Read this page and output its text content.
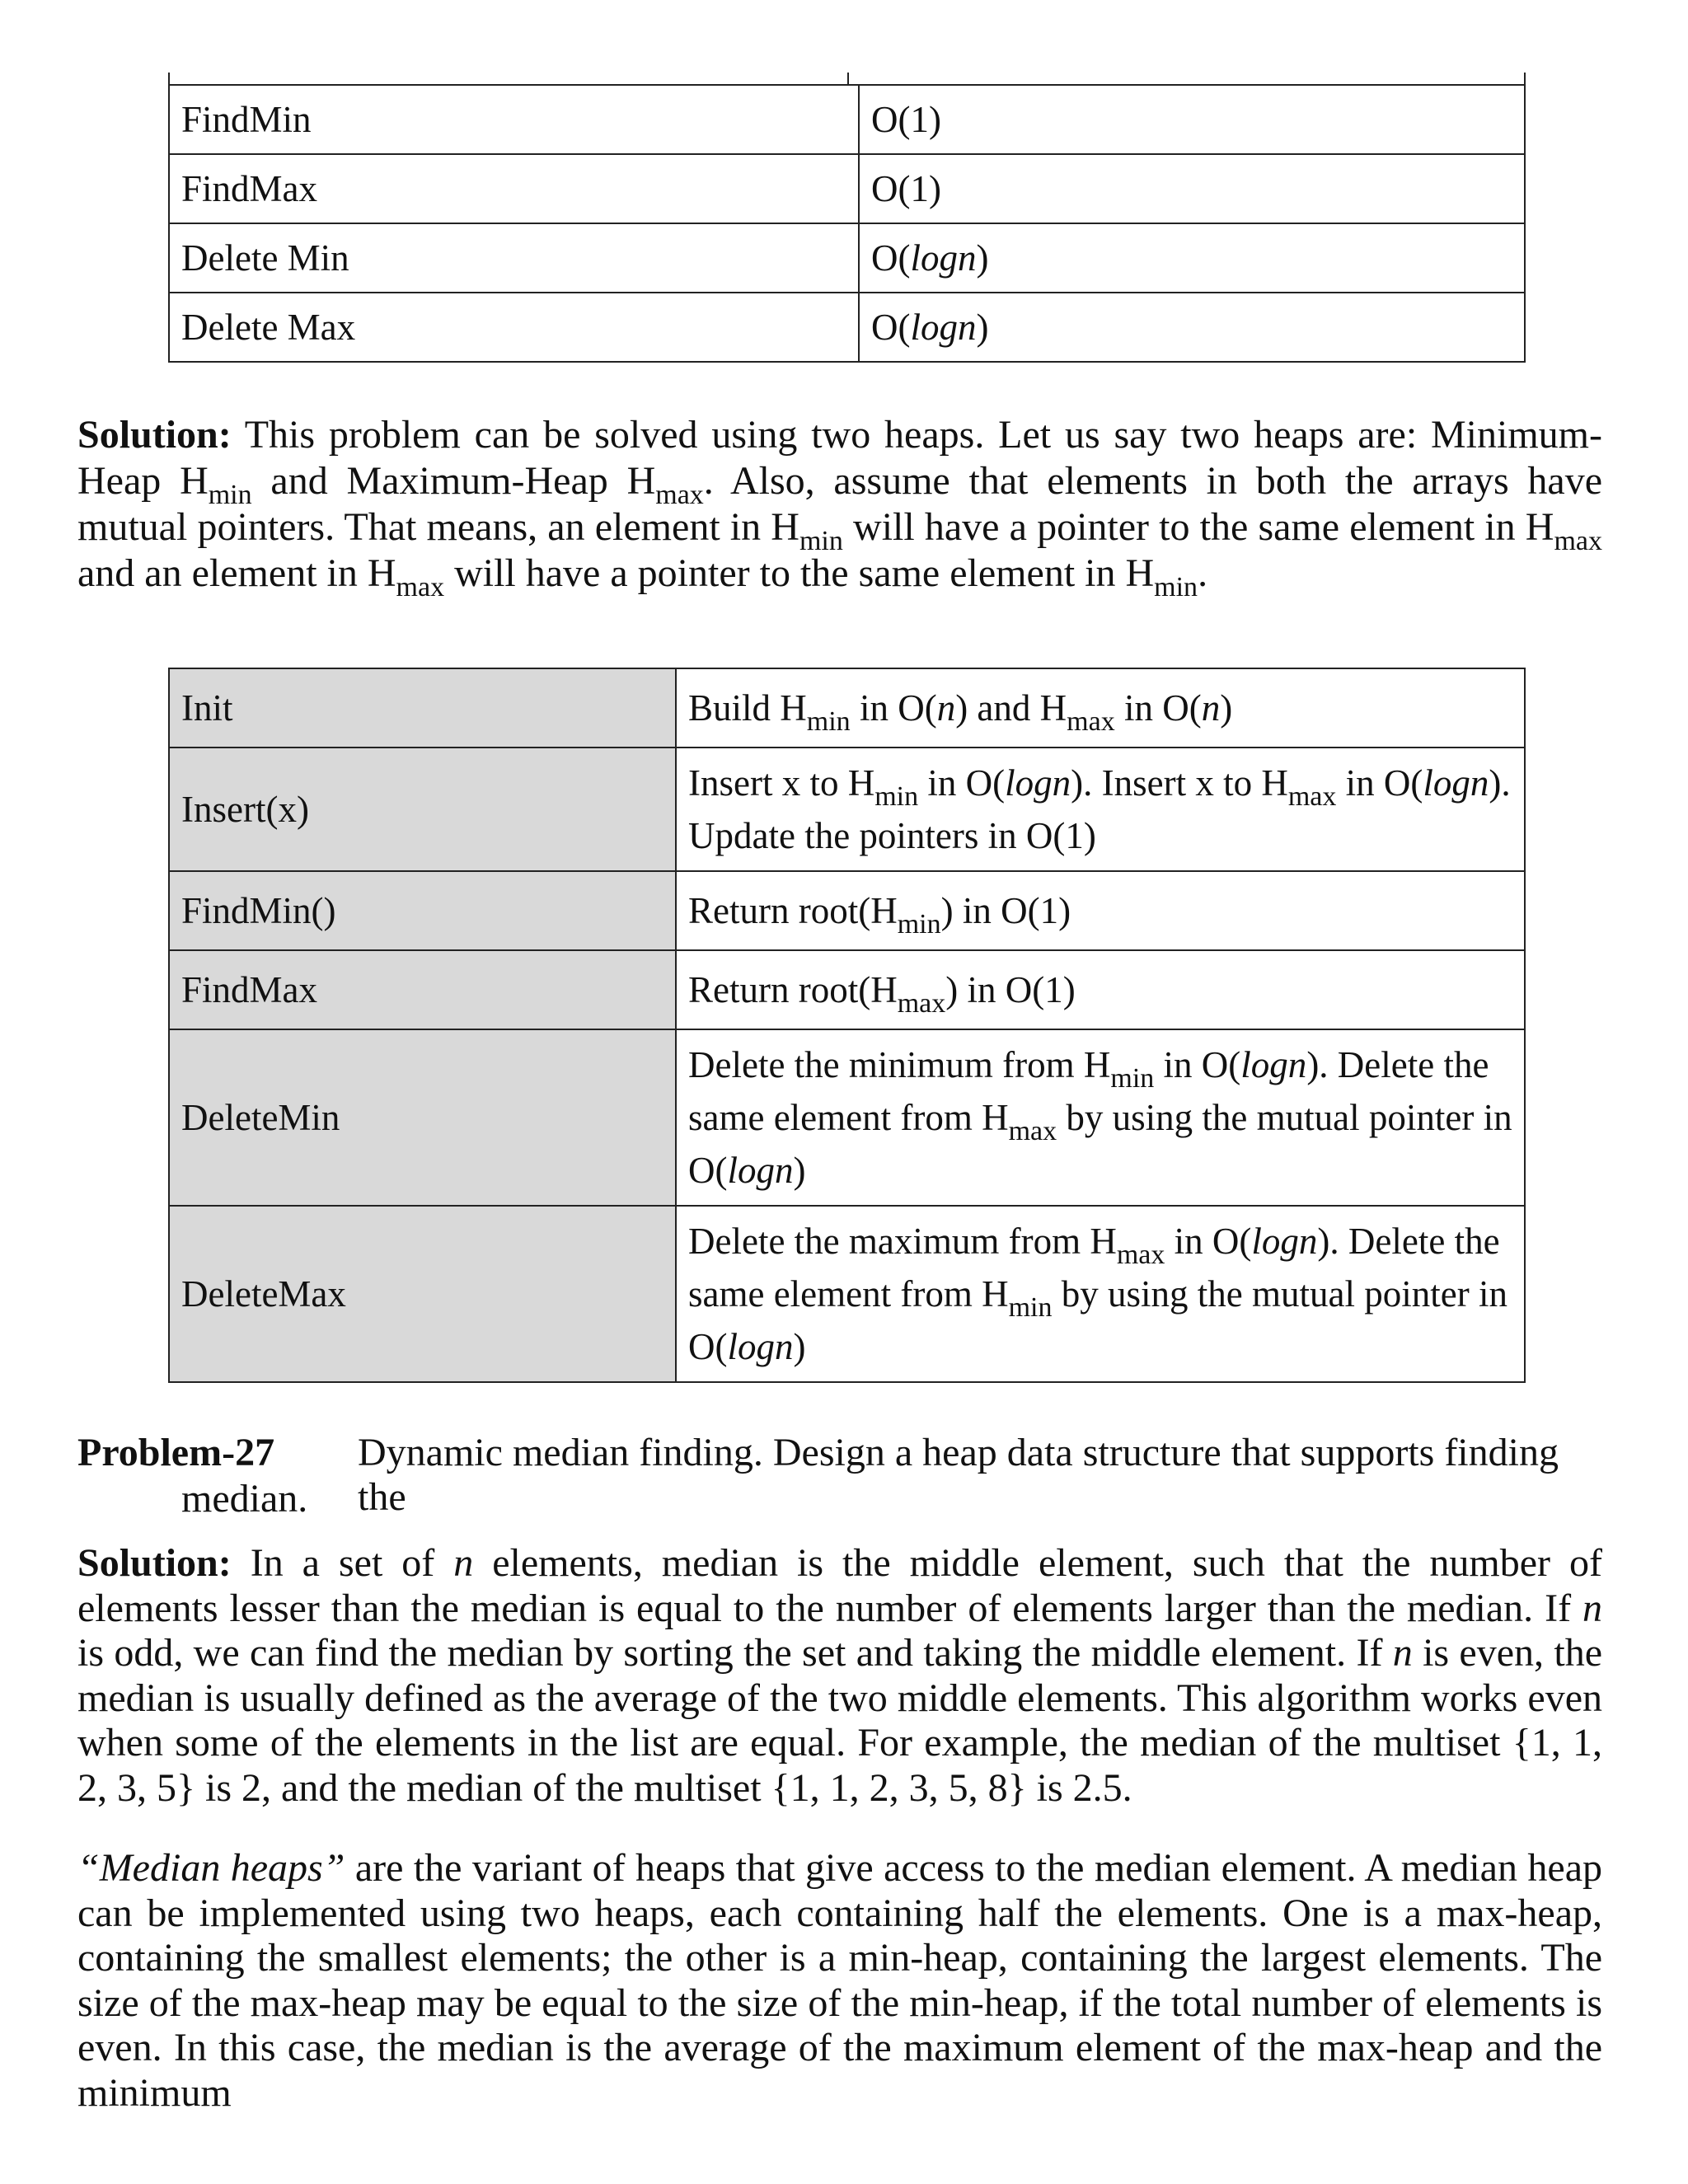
FindMin	O(1)
FindMax	O(1)
Delete Min	O(logn)
Delete Max	O(logn)
Solution: This problem can be solved using two heaps. Let us say two heaps are: Minimum-Heap $H_{min}$ and Maximum-Heap $H_{max}$. Also, assume that elements in both the arrays have mutual pointers. That means, an element in $H_{min}$ will have a pointer to the same element in $H_{max}$ and an element in $H_{max}$ will have a pointer to the same element in $H_{min}$.
Init	Build $H_{min}$ in O(n) and $H_{max}$ in O(n)
Insert(x)	Insert x to $H_{min}$ in O(logn). Insert x to $H_{max}$ in O(logn). Update the pointers in O(1)
FindMin()	Return $root(H_{min})$ in O(1)
FindMax	Return $root(H_{max})$ in O(1)
DeleteMin	Delete the minimum from $H_{min}$ in O(logn). Delete the same element from $H_{max}$ by using the mutual pointer in O(logn)
DeleteMax	Delete the maximum from $H_{max}$ in O(logn). Delete the same element from $H_{min}$ by using the mutual pointer in O(logn)
Problem-27 Dynamic median finding. Design a heap data structure that supports finding the
median.
Solution: In a set of n elements, median is the middle element, such that the number of elements lesser than the median is equal to the number of elements larger than the median. If n is odd, we can find the median by sorting the set and taking the middle element. If n is even, the median is usually defined as the average of the two middle elements. This algorithm works even when some of the elements in the list are equal. For example, the median of the multiset {1, 1, 2, 3, 5} is 2, and the median of the multiset {1, 1, 2, 3, 5, 8} is 2.5.
“Median heaps” are the variant of heaps that give access to the median element. A median heap can be implemented using two heaps, each containing half the elements. One is a max-heap, containing the smallest elements; the other is a min-heap, containing the largest elements. The size of the max-heap may be equal to the size of the min-heap, if the total number of elements is even. In this case, the median is the average of the maximum element of the max-heap and the minimum
